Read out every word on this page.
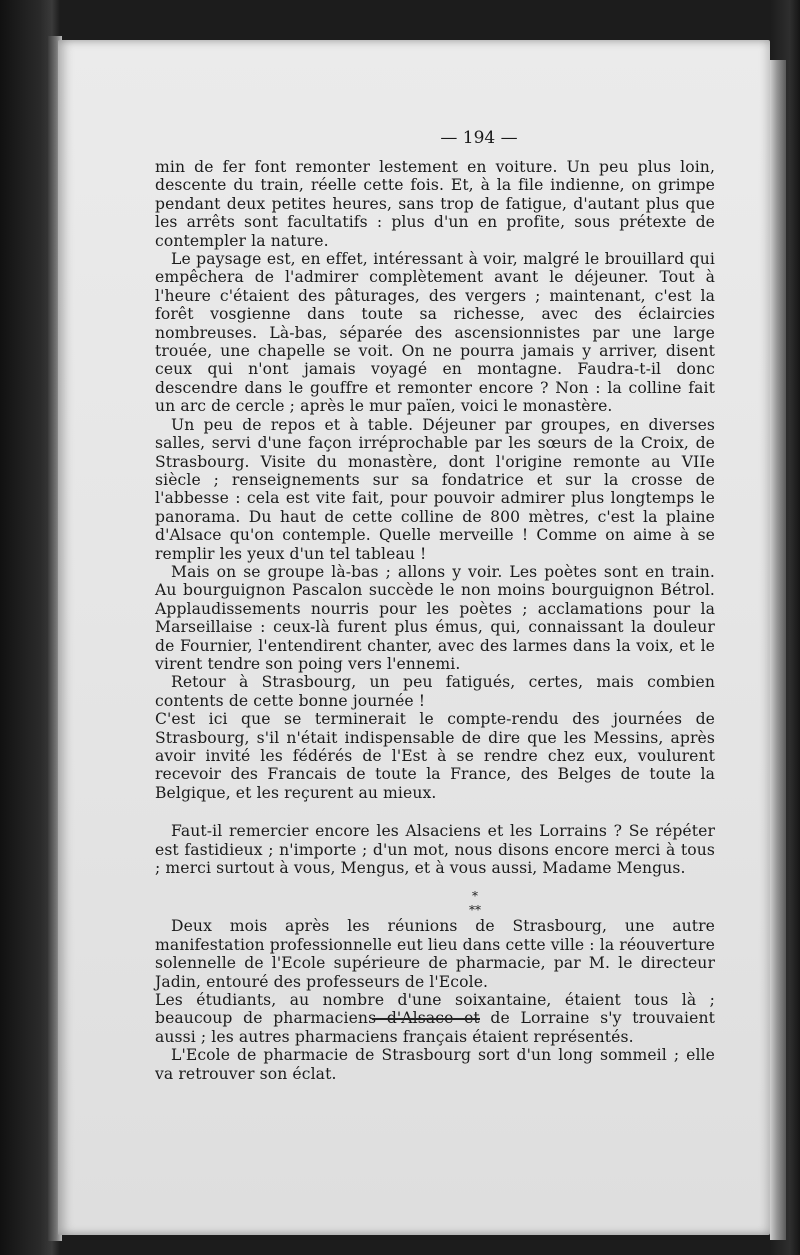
— 194 —

min de fer font remonter lestement en voiture. Un peu plus loin, descente du train, réelle cette fois. Et, à la file indienne, on grimpe pendant deux petites heures, sans trop de fatigue, d'autant plus que les arrêts sont facultatifs : plus d'un en profite, sous prétexte de contempler la nature.

Le paysage est, en effet, intéressant à voir, malgré le brouillard qui empêchera de l'admirer complètement avant le déjeuner. Tout à l'heure c'étaient des pâturages, des vergers ; maintenant, c'est la forêt vosgienne dans toute sa richesse, avec des éclaircies nombreuses. Là-bas, séparée des ascensionnistes par une large trouée, une chapelle se voit. On ne pourra jamais y arriver, disent ceux qui n'ont jamais voyagé en montagne. Faudra-t-il donc descendre dans le gouffre et remonter encore ? Non : la colline fait un arc de cercle ; après le mur païen, voici le monastère.

Un peu de repos et à table. Déjeuner par groupes, en diverses salles, servi d'une façon irréprochable par les sœurs de la Croix, de Strasbourg. Visite du monastère, dont l'origine remonte au VIIe siècle ; renseignements sur sa fondatrice et sur la crosse de l'abbesse : cela est vite fait, pour pouvoir admirer plus longtemps le panorama. Du haut de cette colline de 800 mètres, c'est la plaine d'Alsace qu'on contemple. Quelle merveille ! Comme on aime à se remplir les yeux d'un tel tableau !

Mais on se groupe là-bas ; allons y voir. Les poètes sont en train. Au bourguignon Pascalon succède le non moins bourguignon Bétrol. Applaudissements nourris pour les poètes ; acclamations pour la Marseillaise : ceux-là furent plus émus, qui, connaissant la douleur de Fournier, l'entendirent chanter, avec des larmes dans la voix, et le virent tendre son poing vers l'ennemi.

Retour à Strasbourg, un peu fatigués, certes, mais combien contents de cette bonne journée !

C'est ici que se terminerait le compte-rendu des journées de Strasbourg, s'il n'était indispensable de dire que les Messins, après avoir invité les fédérés de l'Est à se rendre chez eux, voulurent recevoir des Francais de toute la France, des Belges de toute la Belgique, et les reçurent au mieux.

Faut-il remercier encore les Alsaciens et les Lorrains ? Se répéter est fastidieux ; n'importe ; d'un mot, nous disons encore merci à tous ; merci surtout à vous, Mengus, et à vous aussi, Madame Mengus.

⁎
⁎⁎

Deux mois après les réunions de Strasbourg, une autre manifestation professionnelle eut lieu dans cette ville : la réouverture solennelle de l'Ecole supérieure de pharmacie, par M. le directeur Jadin, entouré des professeurs de l'Ecole.

Les étudiants, au nombre d'une soixantaine, étaient tous là ; beaucoup de pharmaciens d'Alsace et de Lorraine s'y trouvaient aussi ; les autres pharmaciens français étaient représentés.

L'Ecole de pharmacie de Strasbourg sort d'un long sommeil ; elle va retrouver son éclat.
